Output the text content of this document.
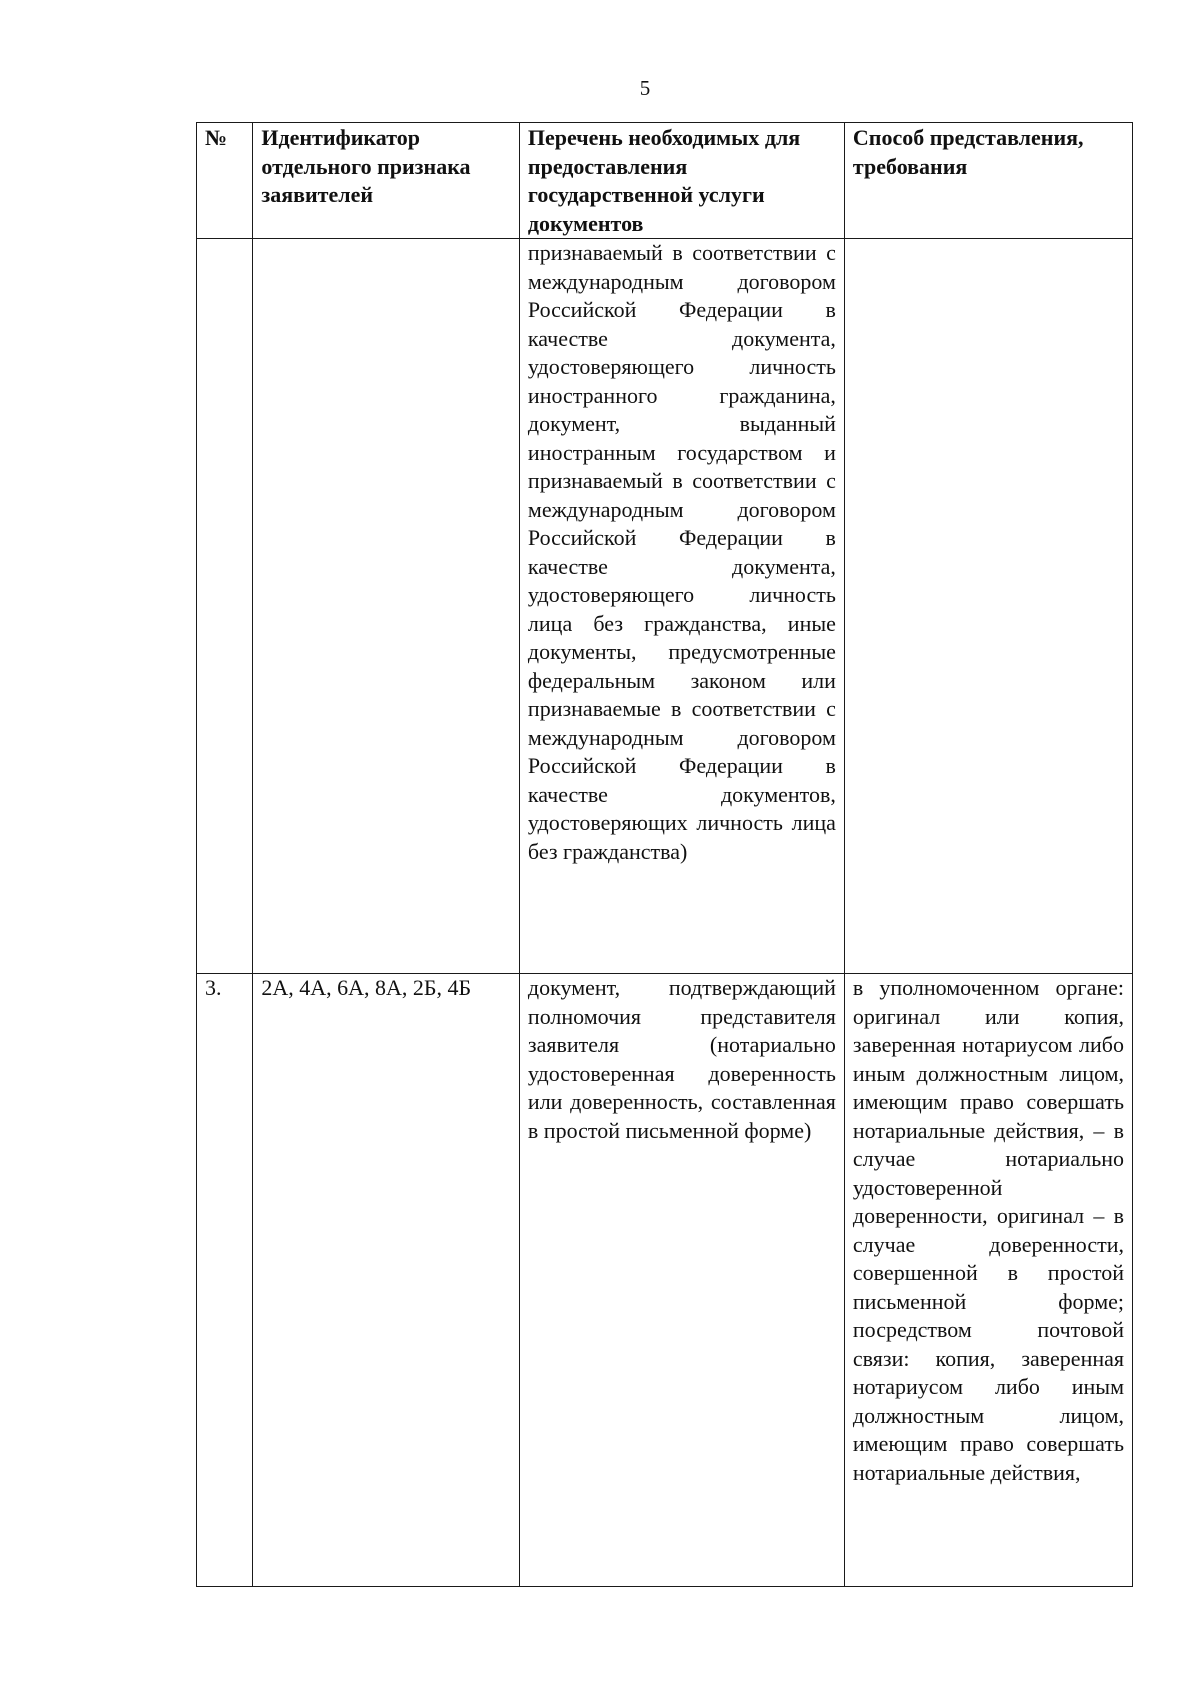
5
№	Идентификатор отдельного признака заявителей	Перечень необходимых для предоставления государственной услуги документов	Способ представления, требования
		признаваемый в соответствии с международным договором Российской Федерации в качестве документа, удостоверяющего личность иностранного гражданина, документ, выданный иностранным государством и признаваемый в соответствии с международным договором Российской Федерации в качестве документа, удостоверяющего личность лица без гражданства, иные документы, предусмотренные федеральным законом или признаваемые в соответствии с международным договором Российской Федерации в качестве документов, удостоверяющих личность лица без гражданства)	
3.	2А, 4А, 6А, 8А, 2Б, 4Б	документ, подтверждающий полномочия представителя заявителя (нотариально удостоверенная доверенность или доверенность, составленная в простой письменной форме)	в уполномоченном органе: оригинал или копия, заверенная нотариусом либо иным должностным лицом, имеющим право совершать нотариальные действия, – в случае нотариально удостоверенной доверенности, оригинал – в случае доверенности, совершенной в простой письменной форме; посредством почтовой связи: копия, заверенная нотариусом либо иным должностным лицом, имеющим право совершать нотариальные действия,
